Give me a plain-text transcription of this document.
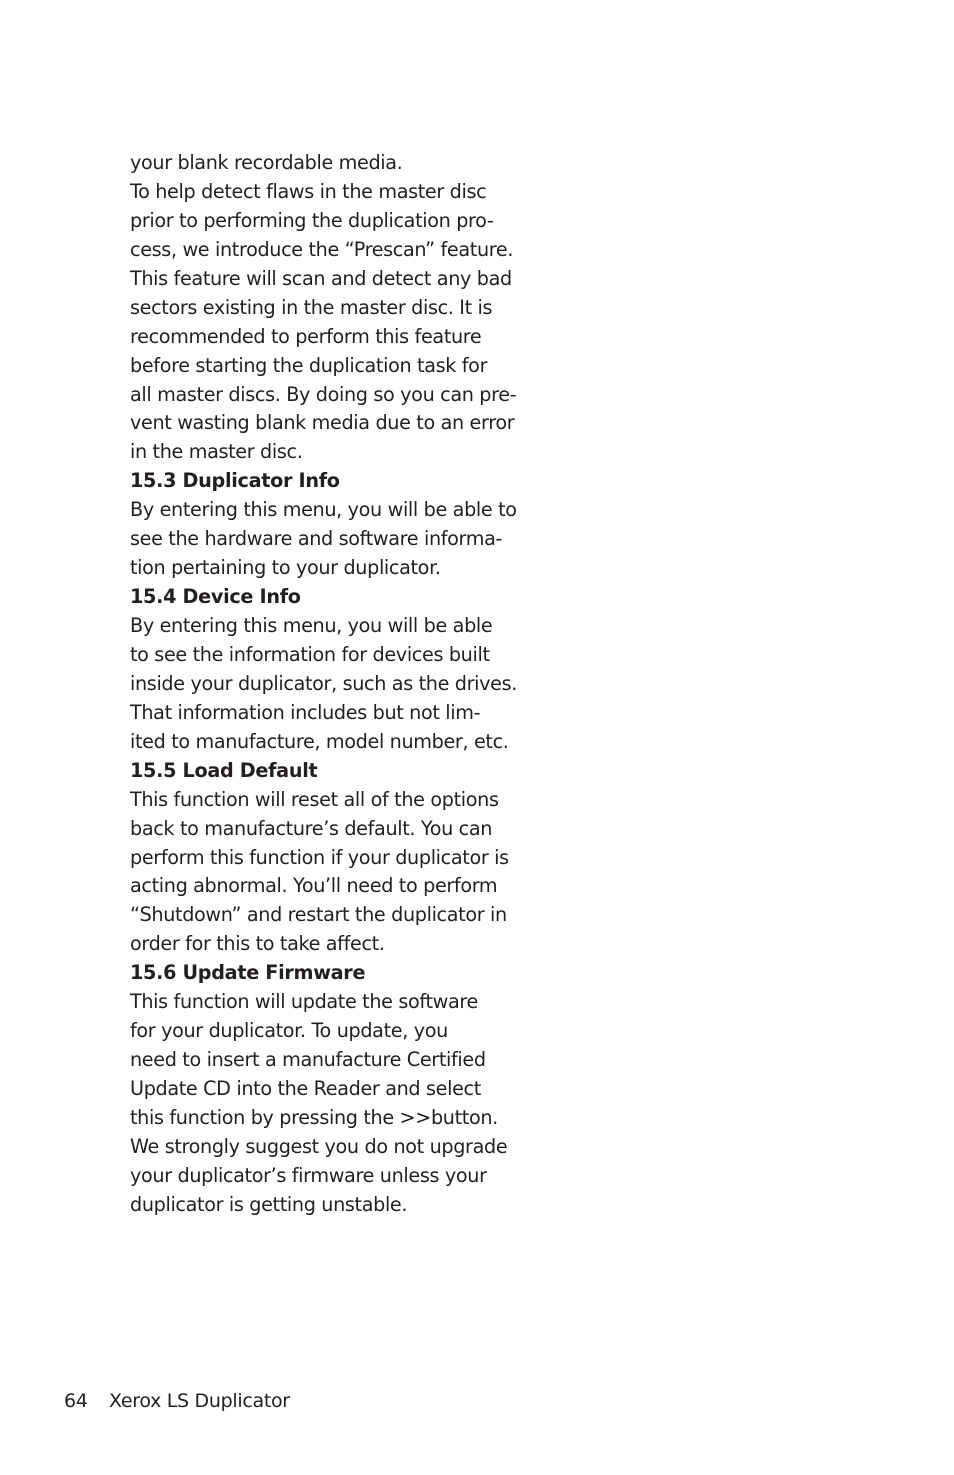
your blank recordable media.
To help detect flaws in the master disc
prior to performing the duplication pro-
cess, we introduce the “Prescan” feature.
This feature will scan and detect any bad
sectors existing in the master disc. It is
recommended to perform this feature
before starting the duplication task for
all master discs. By doing so you can pre-
vent wasting blank media due to an error
in the master disc.
15.3 Duplicator Info
By entering this menu, you will be able to
see the hardware and software informa-
tion pertaining to your duplicator.
15.4 Device Info
By entering this menu, you will be able
to see the information for devices built
inside your duplicator, such as the drives.
That information includes but not lim-
ited to manufacture, model number, etc.
15.5 Load Default
This function will reset all of the options
back to manufacture’s default. You can
perform this function if your duplicator is
acting abnormal. You’ll need to perform
“Shutdown” and restart the duplicator in
order for this to take affect.
15.6 Update Firmware
This function will update the software
for your duplicator. To update, you
need to insert a manufacture Certified
Update CD into the Reader and select
this function by pressing the >>button.
We strongly suggest you do not upgrade
your duplicator’s firmware unless your
duplicator is getting unstable.
64 Xerox LS Duplicator
